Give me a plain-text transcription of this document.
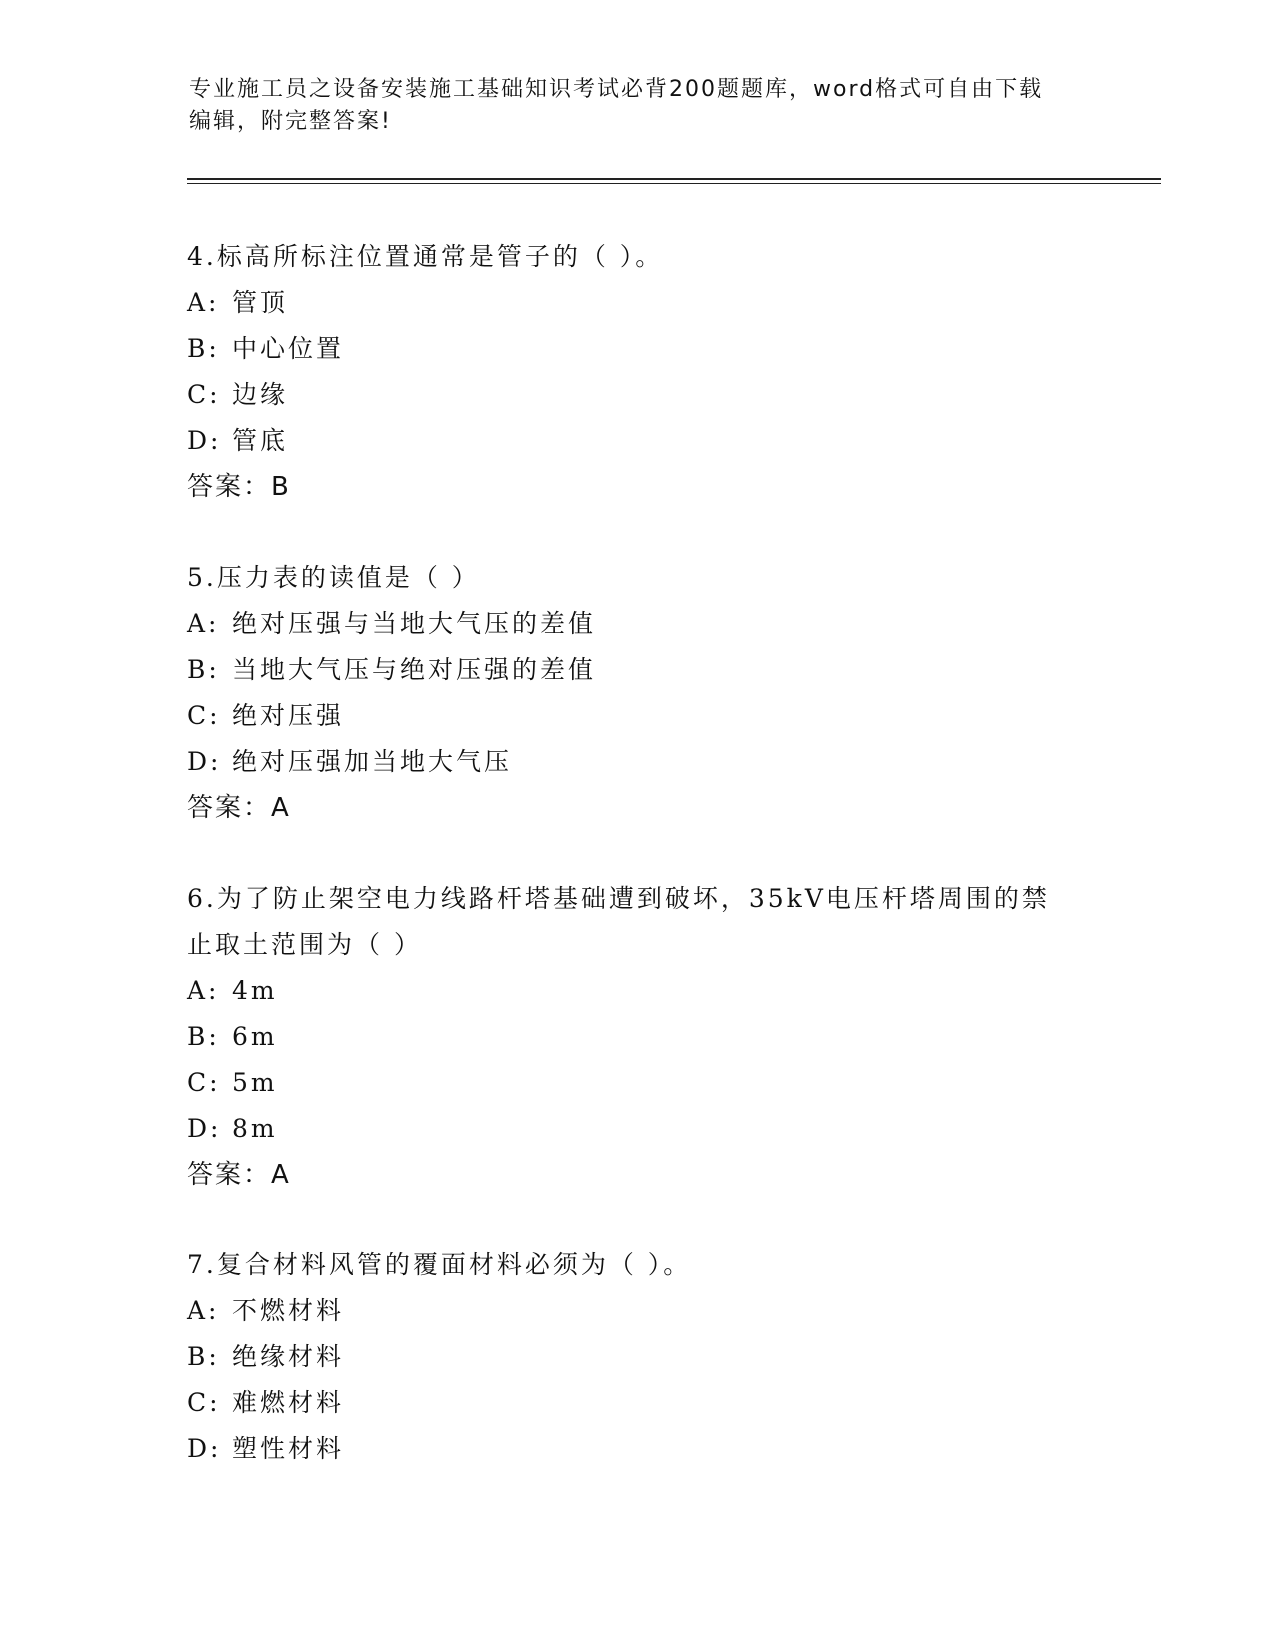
专业施工员之设备安装施工基础知识考试必背200题题库，word格式可自由下载
编辑，附完整答案!
4.标高所标注位置通常是管子的（ ）。
A: 管顶
B: 中心位置
C: 边缘
D: 管底
答案：B
5.压力表的读值是（ ）
A: 绝对压强与当地大气压的差值
B: 当地大气压与绝对压强的差值
C: 绝对压强
D: 绝对压强加当地大气压
答案：A
6.为了防止架空电力线路杆塔基础遭到破坏，35kV电压杆塔周围的禁
止取土范围为（ ）
A: 4m
B: 6m
C: 5m
D: 8m
答案：A
7.复合材料风管的覆面材料必须为（ ）。
A: 不燃材料
B: 绝缘材料
C: 难燃材料
D: 塑性材料
